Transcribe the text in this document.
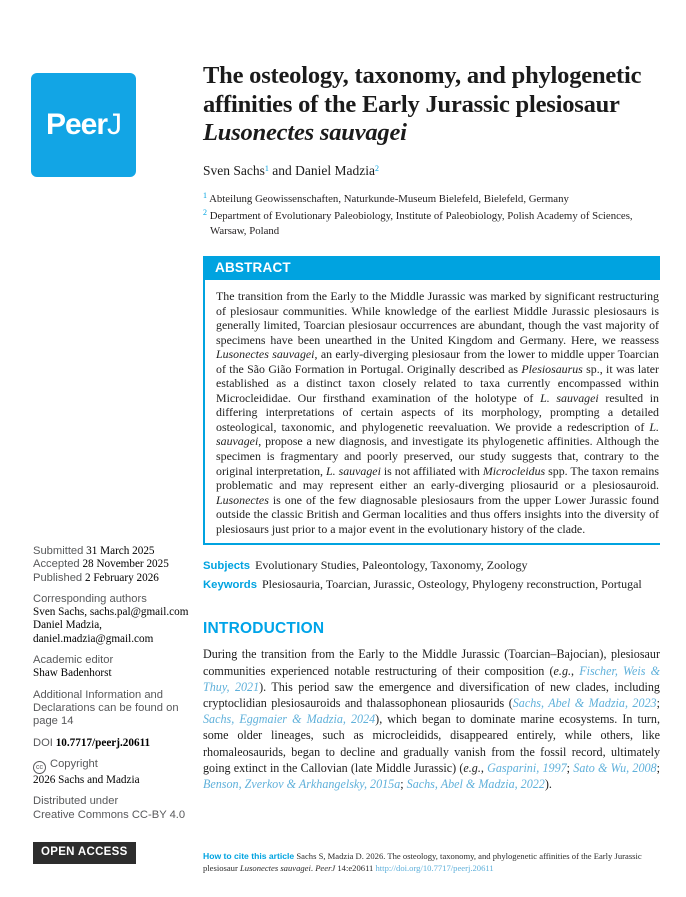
PeerJ
Submitted 31 March 2025
Accepted 28 November 2025
Published 2 February 2026
Corresponding authors
Sven Sachs, sachs.pal@gmail.com
Daniel Madzia,
daniel.madzia@gmail.com
Academic editor
Shaw Badenhorst
Additional Information and Declarations can be found on page 14
DOI 10.7717/peerj.20611
cc Copyright
2026 Sachs and Madzia
Distributed under
Creative Commons CC-BY 4.0
OPEN ACCESS
The osteology, taxonomy, and phylogenetic affinities of the Early Jurassic plesiosaur Lusonectes sauvagei
Sven Sachs$^1$ and Daniel Madzia$^2$
$^1$ Abteilung Geowissenschaften, Naturkunde-Museum Bielefeld, Bielefeld, Germany
$^2$ Department of Evolutionary Paleobiology, Institute of Paleobiology, Polish Academy of Sciences, Warsaw, Poland
ABSTRACT

The transition from the Early to the Middle Jurassic was marked by significant restructuring of plesiosaur communities. While knowledge of the earliest Middle Jurassic plesiosaurs is generally limited, Toarcian plesiosaur occurrences are abundant, though the vast majority of specimens have been unearthed in the United Kingdom and Germany. Here, we reassess Lusonectes sauvagei, an early-diverging plesiosaur from the lower to middle upper Toarcian of the São Gião Formation in Portugal. Originally described as Plesiosaurus sp., it was later established as a distinct taxon closely related to taxa currently encompassed within Microcleididae. Our firsthand examination of the holotype of L. sauvagei resulted in differing interpretations of certain aspects of its morphology, prompting a detailed osteological, taxonomic, and phylogenetic reevaluation. We provide a redescription of L. sauvagei, propose a new diagnosis, and investigate its phylogenetic affinities. Although the specimen is fragmentary and poorly preserved, our study suggests that, contrary to the original interpretation, L. sauvagei is not affiliated with Microcleidus spp. The taxon remains problematic and may represent either an early-diverging pliosaurid or a plesiosauroid. Lusonectes is one of the few diagnosable plesiosaurs from the upper Lower Jurassic found outside the classic British and German localities and thus offers insights into the diversity of plesiosaurs just prior to a major event in the evolutionary history of the clade.

Subjects Evolutionary Studies, Paleontology, Taxonomy, Zoology
Keywords Plesiosauria, Toarcian, Jurassic, Osteology, Phylogeny reconstruction, Portugal
INTRODUCTION

During the transition from the Early to the Middle Jurassic (Toarcian–Bajocian), plesiosaur communities experienced notable restructuring of their composition (e.g., Fischer, Weis & Thuy, 2021). This period saw the emergence and diversification of new clades, including cryptoclidian plesiosauroids and thalassophonean pliosaurids (Sachs, Abel & Madzia, 2023; Sachs, Eggmaier & Madzia, 2024), which began to dominate marine ecosystems. In turn, some older lineages, such as microcleidids, disappeared entirely, while others, like rhomaleosaurids, began to decline and gradually vanish from the fossil record, ultimately going extinct in the Callovian (late Middle Jurassic) (e.g., Gasparini, 1997; Sato & Wu, 2008; Benson, Zverkov & Arkhangelsky, 2015a; Sachs, Abel & Madzia, 2022).

How to cite this article Sachs S, Madzia D. 2026. The osteology, taxonomy, and phylogenetic affinities of the Early Jurassic plesiosaur Lusonectes sauvagei. PeerJ 14:e20611 http://doi.org/10.7717/peerj.20611
